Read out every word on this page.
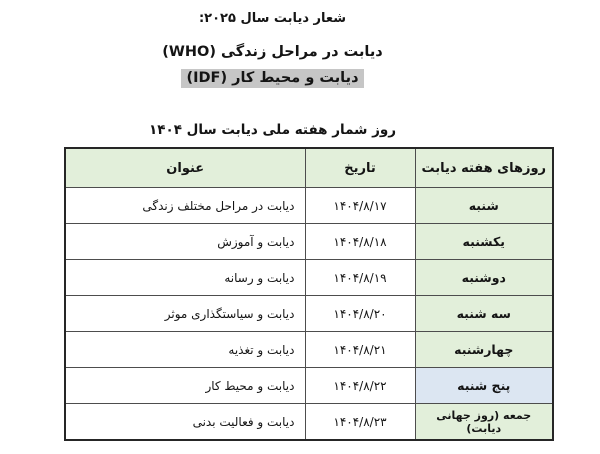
شعار دیابت سال ۲۰۲۵:
دیابت در مراحل زندگی (WHO)
دیابت و محیط کار (IDF)
روز شمار هفته ملی دیابت سال ۱۴۰۴
روزهای هفته دیابت	تاریخ	عنوان
شنبه	۱۴۰۴/۸/۱۷	دیابت در مراحل مختلف زندگی
یکشنبه	۱۴۰۴/۸/۱۸	دیابت و آموزش
دوشنبه	۱۴۰۴/۸/۱۹	دیابت و رسانه
سه شنبه	۱۴۰۴/۸/۲۰	دیابت و سیاستگذاری موثر
چهارشنبه	۱۴۰۴/۸/۲۱	دیابت و تغذیه
پنج شنبه	۱۴۰۴/۸/۲۲	دیابت و محیط کار
جمعه (روز جهانی دیابت)	۱۴۰۴/۸/۲۳	دیابت و فعالیت بدنی
